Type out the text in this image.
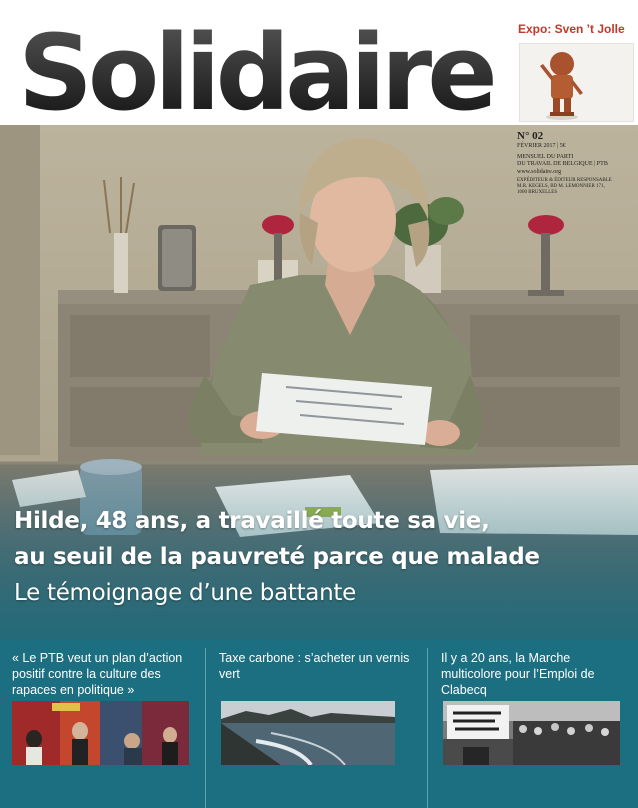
Expo: Sven ’t Jolle
Solidaire
N° 02
FÉVRIER 2017 | 5€
MENSUEL DU PARTI
DU TRAVAIL DE BELGIQUE | PTB
www.solidaire.org
EXPÉDITEUR & ÉDITEUR RESPONSABLE
M.R. KEGELS, BD M. LEMONNIER 171,
1000 BRUXELLES
Hilde, 48 ans, a travaillé toute sa vie,
au seuil de la pauvreté parce que malade
Le témoignage d’une battante
« Le PTB veut un plan d’action positif contre la culture des rapaces en politique »
Taxe carbone : s’acheter un vernis vert
Il y a 20 ans, la Marche multicolore pour l’Emploi de Clabecq
